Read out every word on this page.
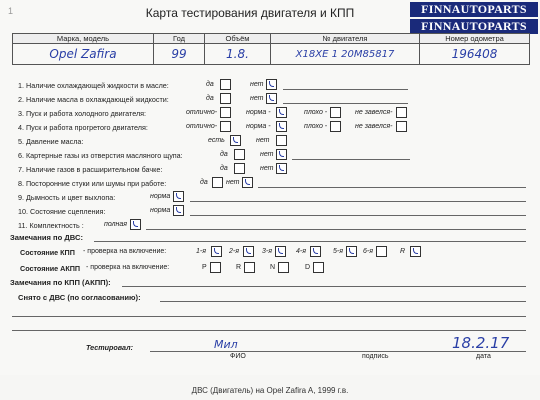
1	Карта тестирования двигателя и КПП	FINNAUTOPARTS
FINNAUTOPARTS
Марка, модель	Год	Объём	№ двигателя	Номер одометра
Opel Zafira	99	1.8.	X18XE 1 20M85817	196408
1. Наличие охлаждающей жидкости в масле:	да	нет
2. Наличие масла в охлаждающей жидкости:	да	нет
3. Пуск и работа холодного двигателя:	отлично-	норма -	плохо -	не завелся-
4. Пуск и работа прогретого двигателя:	отлично-	норма -	плохо -	не завелся-
5. Давление масла:	есть	нет
6. Картерные газы из отверстия масляного щупа:	да	нет
7. Наличие газов в расширительном бачке:	да	нет
8. Посторонние стуки или шумы при работе:	да	нет
9. Дымность и цвет выхлопа:	норма
10. Состояние сцепления:	норма
11. Комплектность :	полная
Замечания по ДВС:
Состояние КПП - проверка на включение:	1-я	2-я	3-я	4-я	5-я	6-я	R
Состояние АКПП - проверка на включение:	P	R	N	D
Замечания по КПП (АКПП):
Снято с ДВС (по согласованию):
Тестировал:	Мил	18.2.17
ФИО	подпись	дата
ДВС (Двигатель) на Opel Zafira A, 1999 г.в.
